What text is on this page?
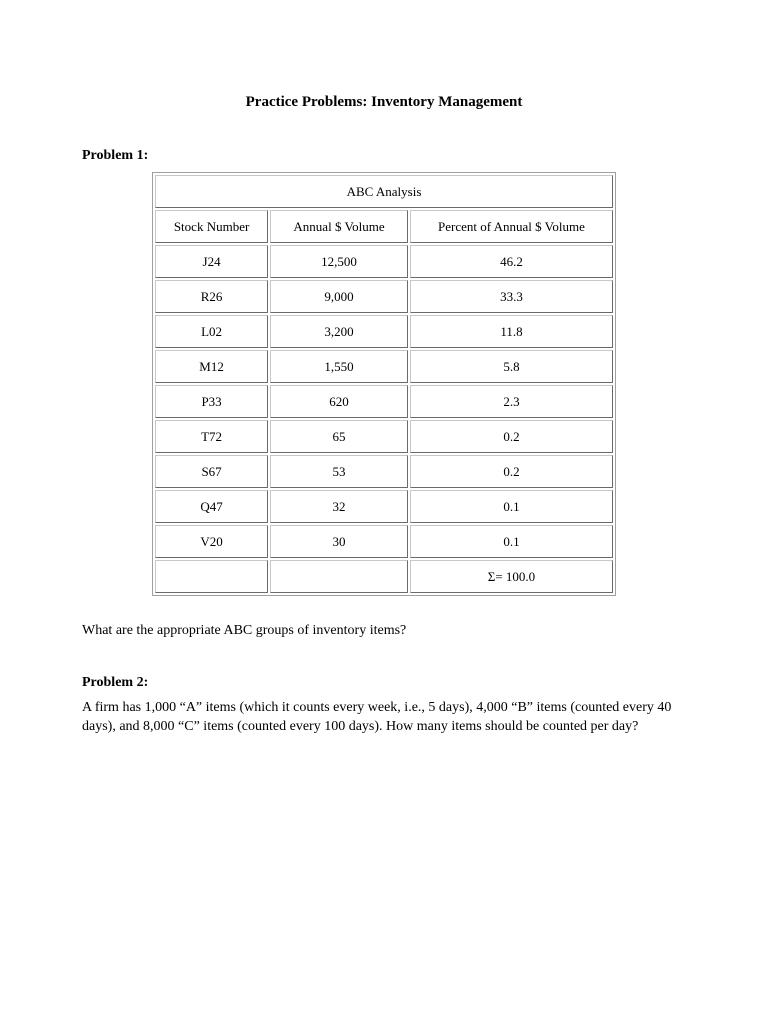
Practice Problems: Inventory Management

Problem 1:

ABC Analysis		
Stock Number	Annual $ Volume	Percent of Annual $ Volume
J24	12,500	46.2
R26	9,000	33.3
L02	3,200	11.8
M12	1,550	5.8
P33	620	2.3
T72	65	0.2
S67	53	0.2
Q47	32	0.1
V20	30	0.1
		Σ= 100.0

What are the appropriate ABC groups of inventory items?

Problem 2:

A firm has 1,000 “A” items (which it counts every week, i.e., 5 days), 4,000 “B” items (counted every 40 days), and 8,000 “C” items (counted every 100 days). How many items should be counted per day?
